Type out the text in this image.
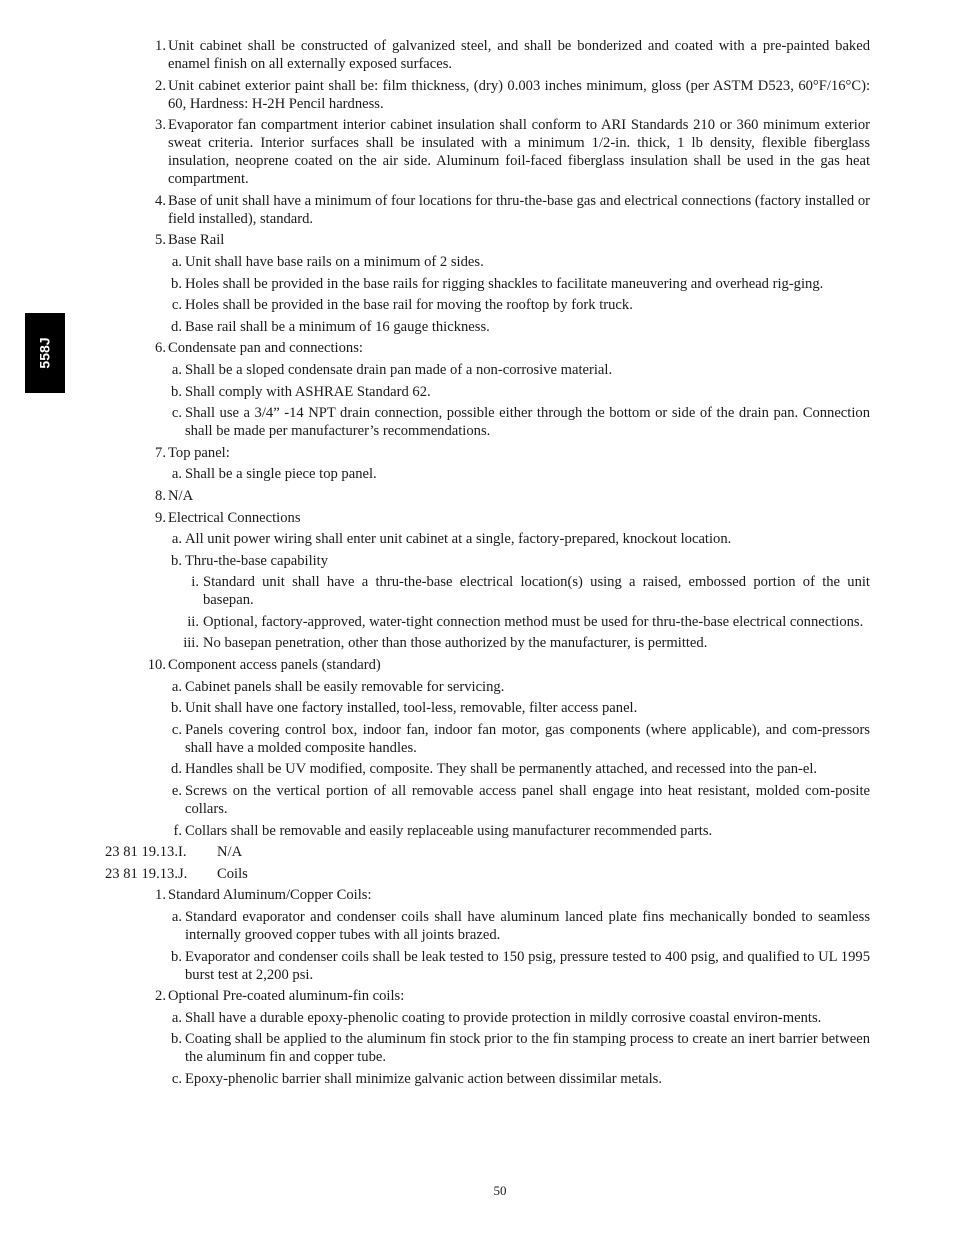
558J
1. Unit cabinet shall be constructed of galvanized steel, and shall be bonderized and coated with a pre-painted baked enamel finish on all externally exposed surfaces.
2. Unit cabinet exterior paint shall be: film thickness, (dry) 0.003 inches minimum, gloss (per ASTM D523, 60°F/16°C): 60, Hardness: H-2H Pencil hardness.
3. Evaporator fan compartment interior cabinet insulation shall conform to ARI Standards 210 or 360 minimum exterior sweat criteria. Interior surfaces shall be insulated with a minimum 1/2-in. thick, 1 lb density, flexible fiberglass insulation, neoprene coated on the air side. Aluminum foil-faced fiberglass insulation shall be used in the gas heat compartment.
4. Base of unit shall have a minimum of four locations for thru-the-base gas and electrical connections (factory installed or field installed), standard.
5. Base Rail
a. Unit shall have base rails on a minimum of 2 sides.
b. Holes shall be provided in the base rails for rigging shackles to facilitate maneuvering and overhead rig-ging.
c. Holes shall be provided in the base rail for moving the rooftop by fork truck.
d. Base rail shall be a minimum of 16 gauge thickness.
6. Condensate pan and connections:
a. Shall be a sloped condensate drain pan made of a non-corrosive material.
b. Shall comply with ASHRAE Standard 62.
c. Shall use a 3/4” -14 NPT drain connection, possible either through the bottom or side of the drain pan. Connection shall be made per manufacturer’s recommendations.
7. Top panel:
a. Shall be a single piece top panel.
8. N/A
9. Electrical Connections
a. All unit power wiring shall enter unit cabinet at a single, factory-prepared, knockout location.
b. Thru-the-base capability
i. Standard unit shall have a thru-the-base electrical location(s) using a raised, embossed portion of the unit basepan.
ii. Optional, factory-approved, water-tight connection method must be used for thru-the-base electrical connections.
iii. No basepan penetration, other than those authorized by the manufacturer, is permitted.
10. Component access panels (standard)
a. Cabinet panels shall be easily removable for servicing.
b. Unit shall have one factory installed, tool-less, removable, filter access panel.
c. Panels covering control box, indoor fan, indoor fan motor, gas components (where applicable), and com-pressors shall have a molded composite handles.
d. Handles shall be UV modified, composite. They shall be permanently attached, and recessed into the pan-el.
e. Screws on the vertical portion of all removable access panel shall engage into heat resistant, molded com-posite collars.
f. Collars shall be removable and easily replaceable using manufacturer recommended parts.
23 81 19.13.I.	N/A
23 81 19.13.J.	Coils
1. Standard Aluminum/Copper Coils:
a. Standard evaporator and condenser coils shall have aluminum lanced plate fins mechanically bonded to seamless internally grooved copper tubes with all joints brazed.
b. Evaporator and condenser coils shall be leak tested to 150 psig, pressure tested to 400 psig, and qualified to UL 1995 burst test at 2,200 psi.
2. Optional Pre-coated aluminum-fin coils:
a. Shall have a durable epoxy-phenolic coating to provide protection in mildly corrosive coastal environ-ments.
b. Coating shall be applied to the aluminum fin stock prior to the fin stamping process to create an inert barrier between the aluminum fin and copper tube.
c. Epoxy-phenolic barrier shall minimize galvanic action between dissimilar metals.
50
